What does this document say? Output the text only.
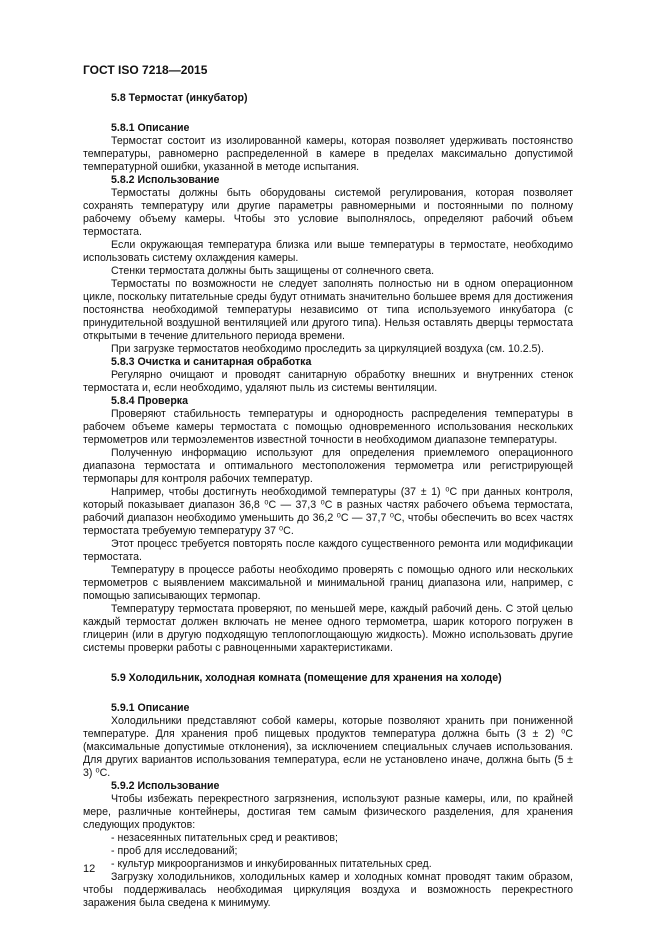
ГОСТ ISO 7218—2015
5.8 Термостат (инкубатор)
5.8.1 Описание

Термостат состоит из изолированной камеры, которая позволяет удерживать постоянство температуры, равномерно распределенной в камере в пределах максимально допустимой температурной ошибки, указанной в методе испытания.

5.8.2 Использование

Термостаты должны быть оборудованы системой регулирования, которая позволяет сохранять температуру или другие параметры равномерными и постоянными по полному рабочему объему камеры. Чтобы это условие выполнялось, определяют рабочий объем термостата.

Если окружающая температура близка или выше температуры в термостате, необходимо использовать систему охлаждения камеры.

Стенки термостата должны быть защищены от солнечного света.

Термостаты по возможности не следует заполнять полностью ни в одном операционном цикле, поскольку питательные среды будут отнимать значительно большее время для достижения постоянства необходимой температуры независимо от типа используемого инкубатора (с принудительной воздушной вентиляцией или другого типа). Нельзя оставлять дверцы термостата открытыми в течение длительного периода времени.

При загрузке термостатов необходимо проследить за циркуляцией воздуха (см. 10.2.5).

5.8.3 Очистка и санитарная обработка

Регулярно очищают и проводят санитарную обработку внешних и внутренних стенок термостата и, если необходимо, удаляют пыль из системы вентиляции.

5.8.4 Проверка

Проверяют стабильность температуры и однородность распределения температуры в рабочем объеме камеры термостата с помощью одновременного использования нескольких термометров или термоэлементов известной точности в необходимом диапазоне температуры.

Полученную информацию используют для определения приемлемого операционного диапазона термостата и оптимального местоположения термометра или регистрирующей термопары для контроля рабочих температур.

Например, чтобы достигнуть необходимой температуры (37 ± 1) ⁰С при данных контроля, который показывает диапазон 36,8 ⁰С — 37,3 ⁰С в разных частях рабочего объема термостата, рабочий диапазон необходимо уменьшить до 36,2 ⁰С — 37,7 ⁰С, чтобы обеспечить во всех частях термостата требуемую температуру 37 ⁰С.

Этот процесс требуется повторять после каждого существенного ремонта или модификации термостата.

Температуру в процессе работы необходимо проверять с помощью одного или нескольких термометров с выявлением максимальной и минимальной границ диапазона или, например, с помощью записывающих термопар.

Температуру термостата проверяют, по меньшей мере, каждый рабочий день. С этой целью каждый термостат должен включать не менее одного термометра, шарик которого погружен в глицерин (или в другую подходящую теплопоглощающую жидкость). Можно использовать другие системы проверки работы с равноценными характеристиками.

5.9 Холодильник, холодная комната (помещение для хранения на холоде)
5.9.1 Описание

Холодильники представляют собой камеры, которые позволяют хранить при пониженной температуре. Для хранения проб пищевых продуктов температура должна быть (3 ± 2) ⁰С (максимальные допустимые отклонения), за исключением специальных случаев использования. Для других вариантов использования температура, если не установлено иначе, должна быть (5 ± 3) ⁰С.

5.9.2 Использование

Чтобы избежать перекрестного загрязнения, используют разные камеры, или, по крайней мере, различные контейнеры, достигая тем самым физического разделения, для хранения следующих продуктов:

- незасеянных питательных сред и реактивов;
- проб для исследований;
- культур микроорганизмов и инкубированных питательных сред.

Загрузку холодильников, холодильных камер и холодных комнат проводят таким образом, чтобы поддерживалась необходимая циркуляция воздуха и возможность перекрестного заражения была сведена к минимуму.

12
